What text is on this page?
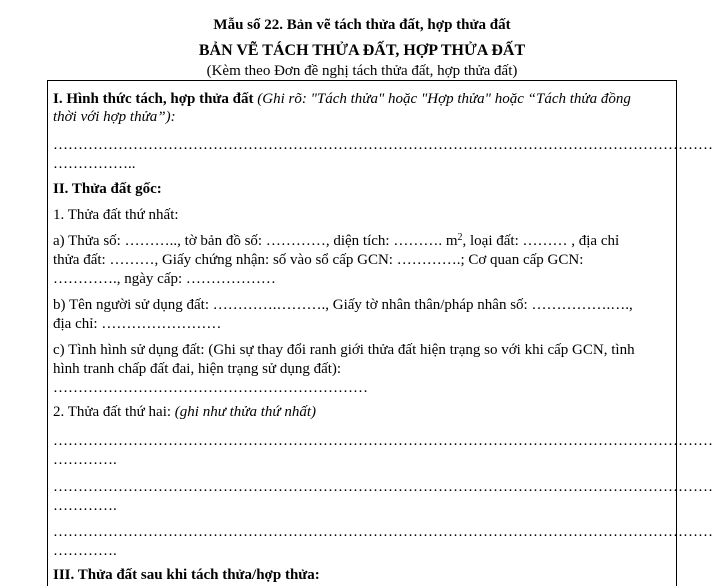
Mẫu số 22. Bản vẽ tách thửa đất, hợp thửa đất
BẢN VẼ TÁCH THỬA ĐẤT, HỢP THỬA ĐẤT
(Kèm theo Đơn đề nghị tách thửa đất, hợp thửa đất)
I. Hình thức tách, hợp thửa đất (Ghi rõ: "Tách thửa" hoặc "Hợp thửa" hoặc “Tách thửa đồng
thời với hợp thửa”):
……………………………………………………………………………………………………………………
……………..
II. Thửa đất gốc:
1. Thửa đất thứ nhất:
a) Thửa số: ……….., tờ bản đồ số: …………, diện tích: ………. $m^2$, loại đất: ……… , địa chỉ
thửa đất: ………, Giấy chứng nhận: số vào sổ cấp GCN: ………….; Cơ quan cấp GCN:
…………., ngày cấp: ………………
b) Tên người sử dụng đất: ………….………., Giấy tờ nhân thân/pháp nhân số: …………….….,
địa chỉ: ……………………
c) Tình hình sử dụng đất: (Ghi sự thay đổi ranh giới thửa đất hiện trạng so với khi cấp GCN, tình
hình tranh chấp đất đai, hiện trạng sử dụng đất):
………………………………………………………
2. Thửa đất thứ hai: (ghi như thửa thứ nhất)
……………………………………………………………………………………………………………………
………….
……………………………………………………………………………………………………………………
………….
……………………………………………………………………………………………………………………
………….
III. Thửa đất sau khi tách thửa/hợp thửa:
